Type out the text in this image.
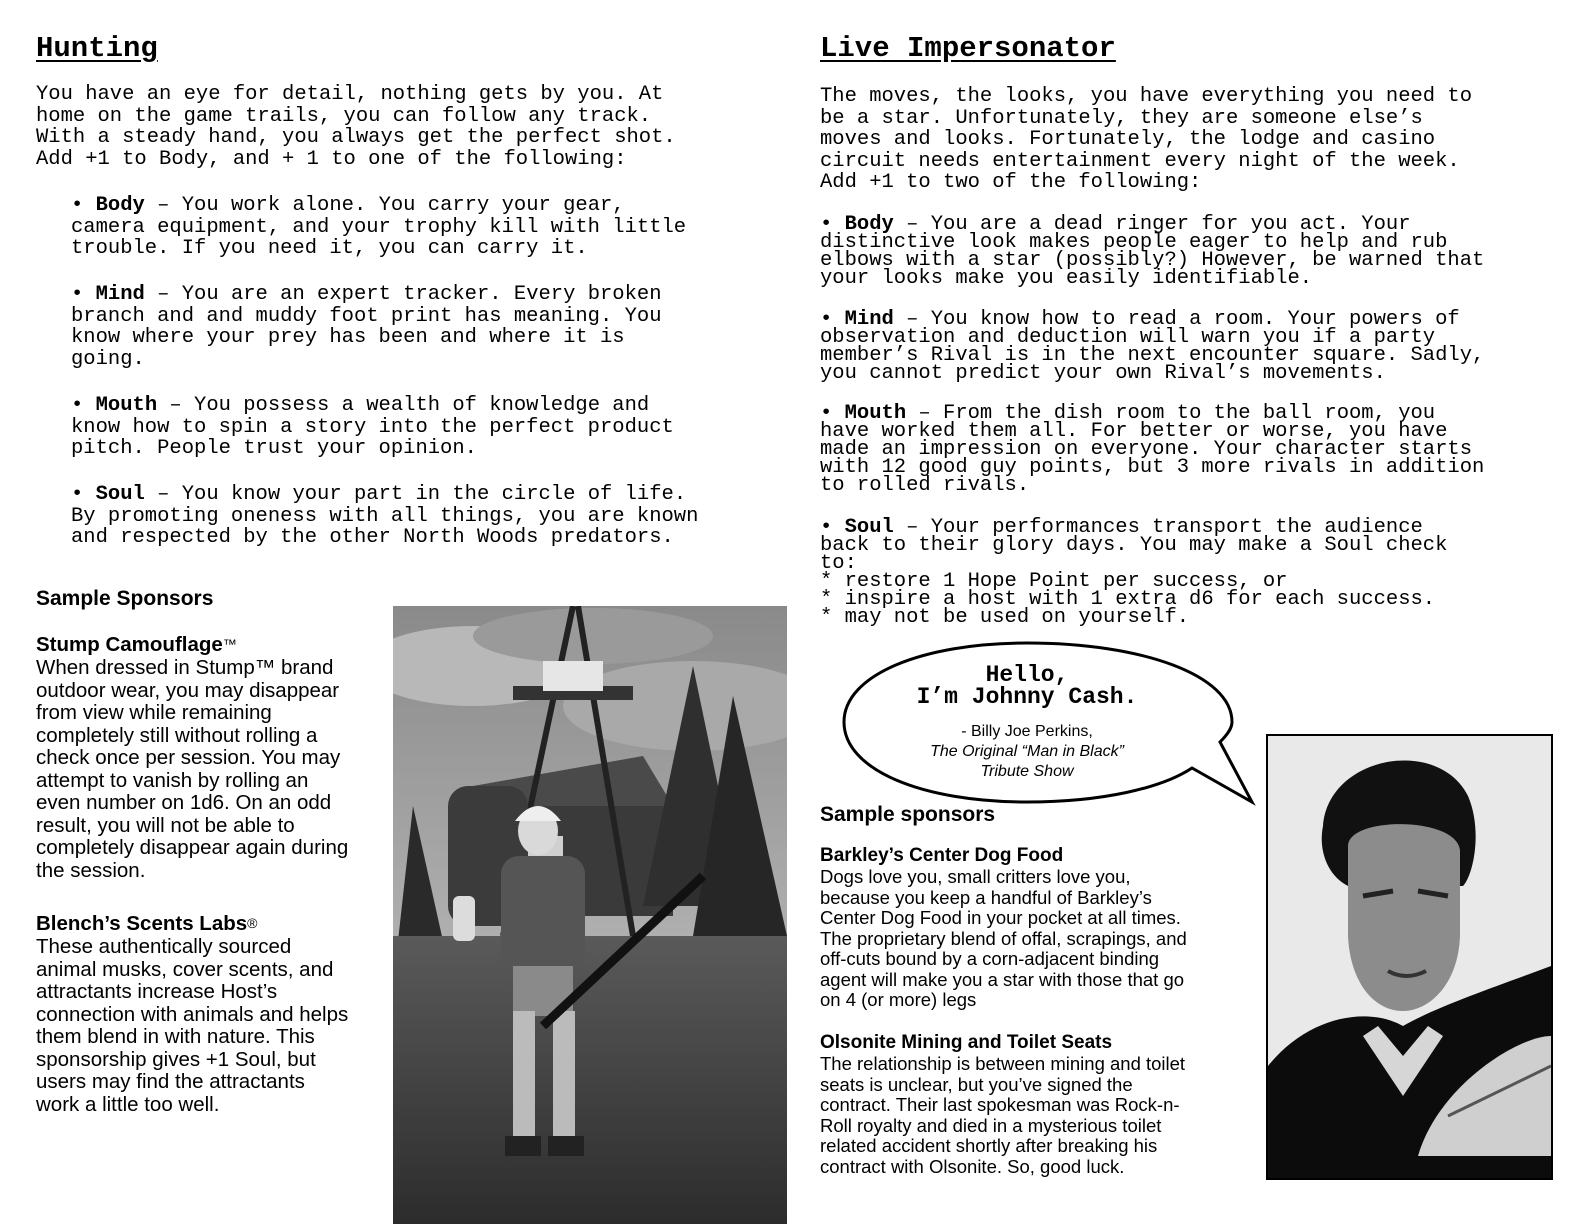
Hunting

You have an eye for detail, nothing gets by you. At
home on the game trails, you can follow any track.
With a steady hand, you always get the perfect shot.
Add +1 to Body, and + 1 to one of the following:

• Body – You work alone. You carry your gear,
camera equipment, and your trophy kill with little
trouble. If you need it, you can carry it.
• Mind – You are an expert tracker. Every broken
branch and and muddy foot print has meaning. You
know where your prey has been and where it is
going.
• Mouth – You possess a wealth of knowledge and
know how to spin a story into the perfect product
pitch. People trust your opinion.
• Soul – You know your part in the circle of life.
By promoting oneness with all things, you are known
and respected by the other North Woods predators.
Sample Sponsors

Stump Camouflage™

When dressed in Stump™ brand
outdoor wear, you may disappear
from view while remaining
completely still without rolling a
check once per session. You may
attempt to vanish by rolling an
even number on 1d6. On an odd
result, you will not be able to
completely disappear again during
the session.

Blench’s Scents Labs®

These authentically sourced
animal musks, cover scents, and
attractants increase Host’s
connection with animals and helps
them blend in with nature. This
sponsorship gives +1 Soul, but
users may find the attractants
work a little too well.

Live Impersonator

The moves, the looks, you have everything you need to
be a star. Unfortunately, they are someone else’s
moves and looks. Fortunately, the lodge and casino
circuit needs entertainment every night of the week.
Add +1 to two of the following:

• Body – You are a dead ringer for you act. Your
distinctive look makes people eager to help and rub
elbows with a star (possibly?) However, be warned that
your looks make you easily identifiable.
• Mind – You know how to read a room. Your powers of
observation and deduction will warn you if a party
member’s Rival is in the next encounter square. Sadly,
you cannot predict your own Rival’s movements.
• Mouth – From the dish room to the ball room, you
have worked them all. For better or worse, you have
made an impression on everyone. Your character starts
with 12 good guy points, but 3 more rivals in addition
to rolled rivals.
• Soul – Your performances transport the audience
back to their glory days. You may make a Soul check
to:
* restore 1 Hope Point per success, or
* inspire a host with 1 extra d6 for each success.
* may not be used on yourself.
Hello,
I’m Johnny Cash.
- Billy Joe Perkins,
The Original “Man in Black”
Tribute Show
Sample sponsors

Barkley’s Center Dog Food

Dogs love you, small critters love you,
because you keep a handful of Barkley’s
Center Dog Food in your pocket at all times.
The proprietary blend of offal, scrapings, and
off-cuts bound by a corn-adjacent binding
agent will make you a star with those that go
on 4 (or more) legs

Olsonite Mining and Toilet Seats

The relationship is between mining and toilet
seats is unclear, but you’ve signed the
contract. Their last spokesman was Rock-n-
Roll royalty and died in a mysterious toilet
related accident shortly after breaking his
contract with Olsonite. So, good luck.
